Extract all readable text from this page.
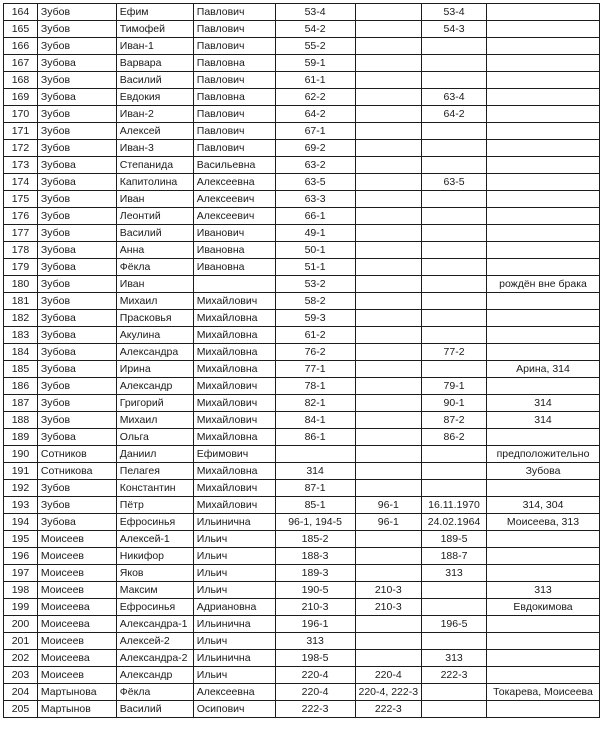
164	Зубов	Ефим	Павлович	53-4		53-4	
165	Зубов	Тимофей	Павлович	54-2		54-3	
166	Зубов	Иван-1	Павлович	55-2			
167	Зубова	Варвара	Павловна	59-1			
168	Зубов	Василий	Павлович	61-1			
169	Зубова	Евдокия	Павловна	62-2		63-4	
170	Зубов	Иван-2	Павлович	64-2		64-2	
171	Зубов	Алексей	Павлович	67-1			
172	Зубов	Иван-3	Павлович	69-2			
173	Зубова	Степанида	Васильевна	63-2			
174	Зубова	Капитолина	Алексеевна	63-5		63-5	
175	Зубов	Иван	Алексеевич	63-3			
176	Зубов	Леонтий	Алексеевич	66-1			
177	Зубов	Василий	Иванович	49-1			
178	Зубова	Анна	Ивановна	50-1			
179	Зубова	Фёкла	Ивановна	51-1			
180	Зубов	Иван		53-2			рождён вне брака
181	Зубов	Михаил	Михайлович	58-2			
182	Зубова	Прасковья	Михайловна	59-3			
183	Зубова	Акулина	Михайловна	61-2			
184	Зубова	Александра	Михайловна	76-2		77-2	
185	Зубова	Ирина	Михайловна	77-1			Арина, 314
186	Зубов	Александр	Михайлович	78-1		79-1	
187	Зубов	Григорий	Михайлович	82-1		90-1	314
188	Зубов	Михаил	Михайлович	84-1		87-2	314
189	Зубова	Ольга	Михайловна	86-1		86-2	
190	Сотников	Даниил	Ефимович				предположительно
191	Сотникова	Пелагея	Михайловна	314			Зубова
192	Зубов	Константин	Михайлович	87-1			
193	Зубов	Пётр	Михайлович	85-1	96-1	16.11.1970	314, 304
194	Зубова	Ефросинья	Ильинична	96-1, 194-5	96-1	24.02.1964	Моисеева, 313
195	Моисеев	Алексей-1	Ильич	185-2		189-5	
196	Моисеев	Никифор	Ильич	188-3		188-7	
197	Моисеев	Яков	Ильич	189-3		313	
198	Моисеев	Максим	Ильич	190-5	210-3		313
199	Моисеева	Ефросинья	Адриановна	210-3	210-3		Евдокимова
200	Моисеева	Александра-1	Ильинична	196-1		196-5	
201	Моисеев	Алексей-2	Ильич	313			
202	Моисеева	Александра-2	Ильинична	198-5		313	
203	Моисеев	Александр	Ильич	220-4	220-4	222-3	
204	Мартынова	Фёкла	Алексеевна	220-4	220-4, 222-3		Токарева, Моисеева
205	Мартынов	Василий	Осипович	222-3	222-3		
